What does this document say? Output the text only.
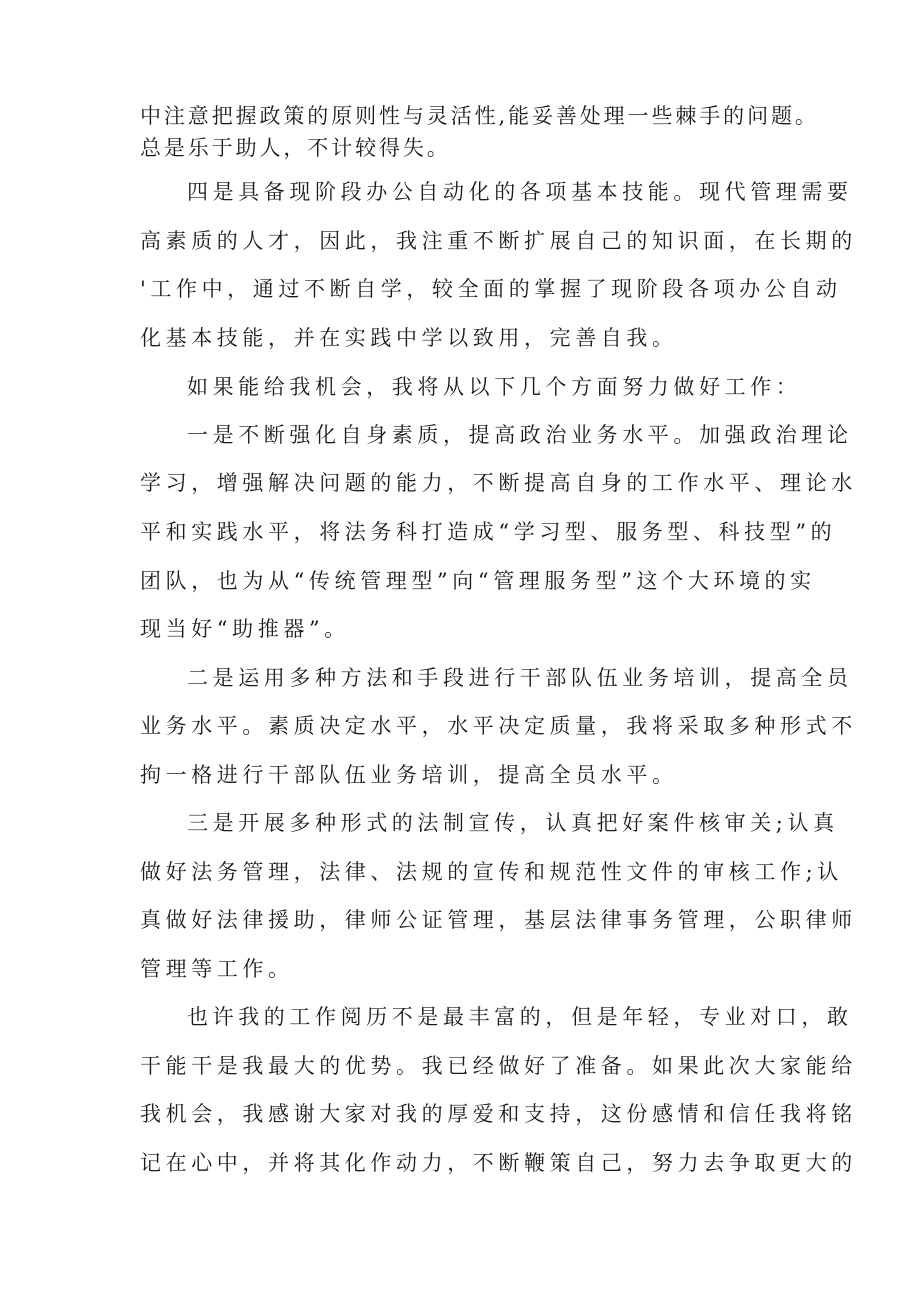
中注意把握政策的原则性与灵活性,能妥善处理一些棘手的问题。
总是乐于助人，不计较得失。
四是具备现阶段办公自动化的各项基本技能。现代管理需要
高素质的人才，因此，我注重不断扩展自己的知识面，在长期的
'工作中，通过不断自学，较全面的掌握了现阶段各项办公自动
化基本技能，并在实践中学以致用，完善自我。
如果能给我机会，我将从以下几个方面努力做好工作：
一是不断强化自身素质，提高政治业务水平。加强政治理论
学习，增强解决问题的能力，不断提高自身的工作水平、理论水
平和实践水平，将法务科打造成“学习型、服务型、科技型”的
团队，也为从“传统管理型”向“管理服务型”这个大环境的实
现当好“助推器”。
二是运用多种方法和手段进行干部队伍业务培训，提高全员
业务水平。素质决定水平，水平决定质量，我将采取多种形式不
拘一格进行干部队伍业务培训，提高全员水平。
三是开展多种形式的法制宣传，认真把好案件核审关;认真
做好法务管理，法律、法规的宣传和规范性文件的审核工作;认
真做好法律援助，律师公证管理，基层法律事务管理，公职律师
管理等工作。
也许我的工作阅历不是最丰富的，但是年轻，专业对口，敢
干能干是我最大的优势。我已经做好了准备。如果此次大家能给
我机会，我感谢大家对我的厚爱和支持，这份感情和信任我将铭
记在心中，并将其化作动力，不断鞭策自己，努力去争取更大的
